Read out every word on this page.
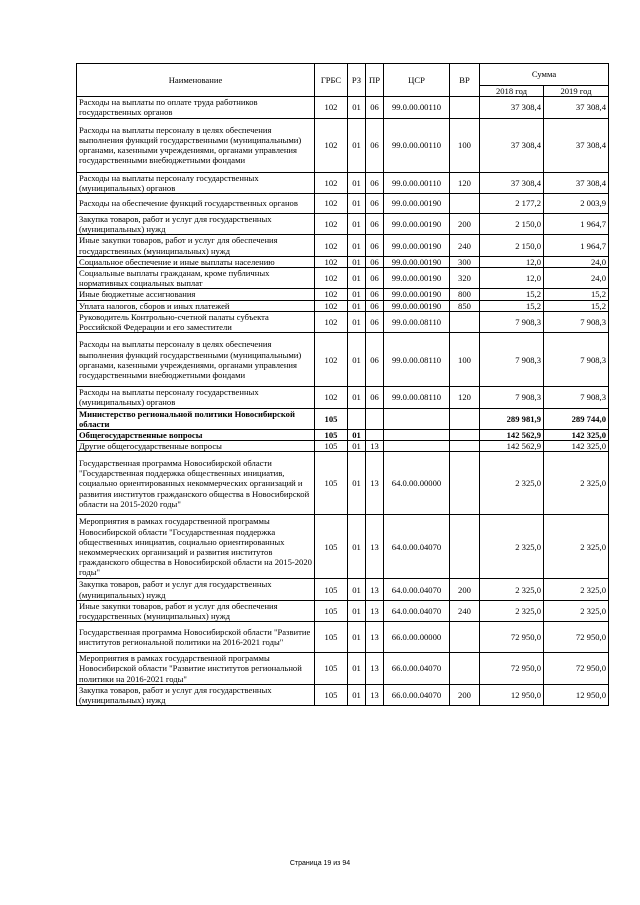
Наименование	ГРБС	РЗ	ПР	ЦСР	ВР	Сумма	
						2018 год	2019 год
Расходы на выплаты по оплате труда работников государственных органов	102	01	06	99.0.00.00110		37 308,4	37 308,4
Расходы на выплаты персоналу в целях обеспечения выполнения функций государственными (муниципальными) органами, казенными учреждениями, органами управления государственными внебюджетными фондами	102	01	06	99.0.00.00110	100	37 308,4	37 308,4
Расходы на выплаты персоналу государственных (муниципальных) органов	102	01	06	99.0.00.00110	120	37 308,4	37 308,4
Расходы на обеспечение функций государственных органов	102	01	06	99.0.00.00190		2 177,2	2 003,9
Закупка товаров, работ и услуг для государственных (муниципальных) нужд	102	01	06	99.0.00.00190	200	2 150,0	1 964,7
Иные закупки товаров, работ и услуг для обеспечения государственных (муниципальных) нужд	102	01	06	99.0.00.00190	240	2 150,0	1 964,7
Социальное обеспечение и иные выплаты населению	102	01	06	99.0.00.00190	300	12,0	24,0
Социальные выплаты гражданам, кроме публичных нормативных социальных выплат	102	01	06	99.0.00.00190	320	12,0	24,0
Иные бюджетные ассигнования	102	01	06	99.0.00.00190	800	15,2	15,2
Уплата налогов, сборов и иных платежей	102	01	06	99.0.00.00190	850	15,2	15,2
Руководитель Контрольно-счетной палаты субъекта Российской Федерации и его заместители	102	01	06	99.0.00.08110		7 908,3	7 908,3
Расходы на выплаты персоналу в целях обеспечения выполнения функций государственными (муниципальными) органами, казенными учреждениями, органами управления государственными внебюджетными фондами	102	01	06	99.0.00.08110	100	7 908,3	7 908,3
Расходы на выплаты персоналу государственных (муниципальных) органов	102	01	06	99.0.00.08110	120	7 908,3	7 908,3
Министерство региональной политики Новосибирской области	105					289 981,9	289 744,0
Общегосударственные вопросы	105	01				142 562,9	142 325,0
Другие общегосударственные вопросы	105	01	13			142 562,9	142 325,0
Государственная программа Новосибирской области "Государственная поддержка общественных инициатив, социально ориентированных некоммерческих организаций и развития институтов гражданского общества в Новосибирской области на 2015-2020 годы"	105	01	13	64.0.00.00000		2 325,0	2 325,0
Мероприятия в рамках государственной программы Новосибирской области "Государственная поддержка общественных инициатив, социально ориентированных некоммерческих организаций и развития институтов гражданского общества в Новосибирской области на 2015-2020 годы"	105	01	13	64.0.00.04070		2 325,0	2 325,0
Закупка товаров, работ и услуг для государственных (муниципальных) нужд	105	01	13	64.0.00.04070	200	2 325,0	2 325,0
Иные закупки товаров, работ и услуг для обеспечения государственных (муниципальных) нужд	105	01	13	64.0.00.04070	240	2 325,0	2 325,0
Государственная программа Новосибирской области "Развитие институтов региональной политики на 2016-2021 годы"	105	01	13	66.0.00.00000		72 950,0	72 950,0
Мероприятия в рамках государственной программы Новосибирской области "Развитие институтов региональной политики на 2016-2021 годы"	105	01	13	66.0.00.04070		72 950,0	72 950,0
Закупка товаров, работ и услуг для государственных (муниципальных) нужд	105	01	13	66.0.00.04070	200	12 950,0	12 950,0
Страница 19 из 94
